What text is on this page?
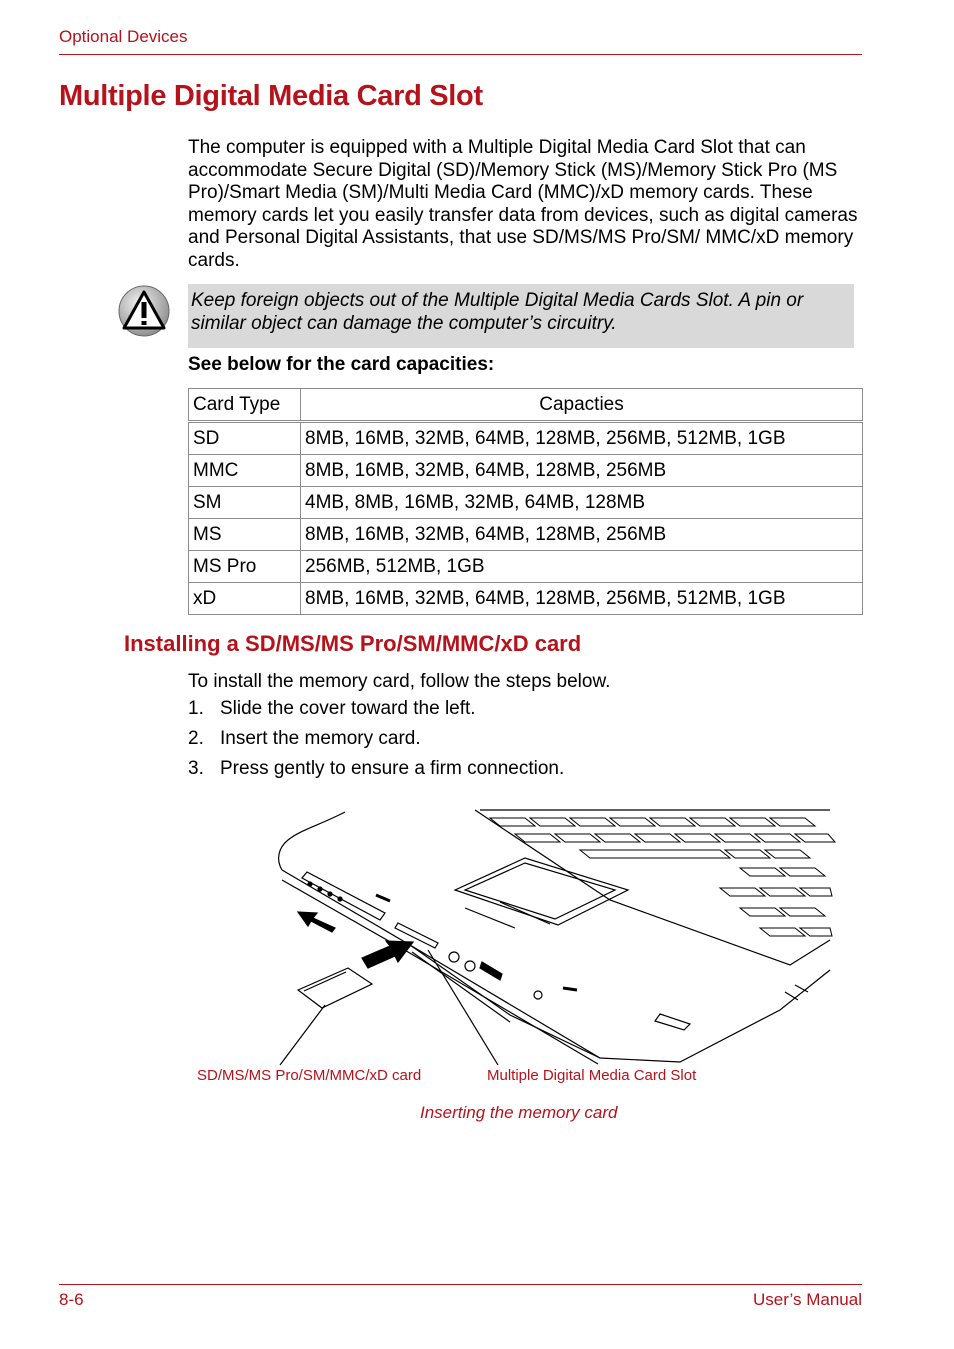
Optional Devices
Multiple Digital Media Card Slot

The computer is equipped with a Multiple Digital Media Card Slot that can accommodate Secure Digital (SD)/Memory Stick (MS)/Memory Stick Pro (MS Pro)/Smart Media (SM)/Multi Media Card (MMC)/xD memory cards. These memory cards let you easily transfer data from devices, such as digital cameras and Personal Digital Assistants, that use SD/MS/MS Pro/SM/ MMC/xD memory cards.

Keep foreign objects out of the Multiple Digital Media Cards Slot. A pin or similar object can damage the computer’s circuitry.

See below for the card capacities:

Card Type	Capacties
SD	8MB, 16MB, 32MB, 64MB, 128MB, 256MB, 512MB, 1GB
MMC	8MB, 16MB, 32MB, 64MB, 128MB, 256MB
SM	4MB, 8MB, 16MB, 32MB, 64MB, 128MB
MS	8MB, 16MB, 32MB, 64MB, 128MB, 256MB
MS Pro	256MB, 512MB, 1GB
xD	8MB, 16MB, 32MB, 64MB, 128MB, 256MB, 512MB, 1GB
Installing a SD/MS/MS Pro/SM/MMC/xD card

To install the memory card, follow the steps below.

1. Slide the cover toward the left.
2. Insert the memory card.
3. Press gently to ensure a firm connection.
SD/MS/MS Pro/SM/MMC/xD card	Multiple Digital Media Card Slot
Inserting the memory card
8-6	User’s Manual
